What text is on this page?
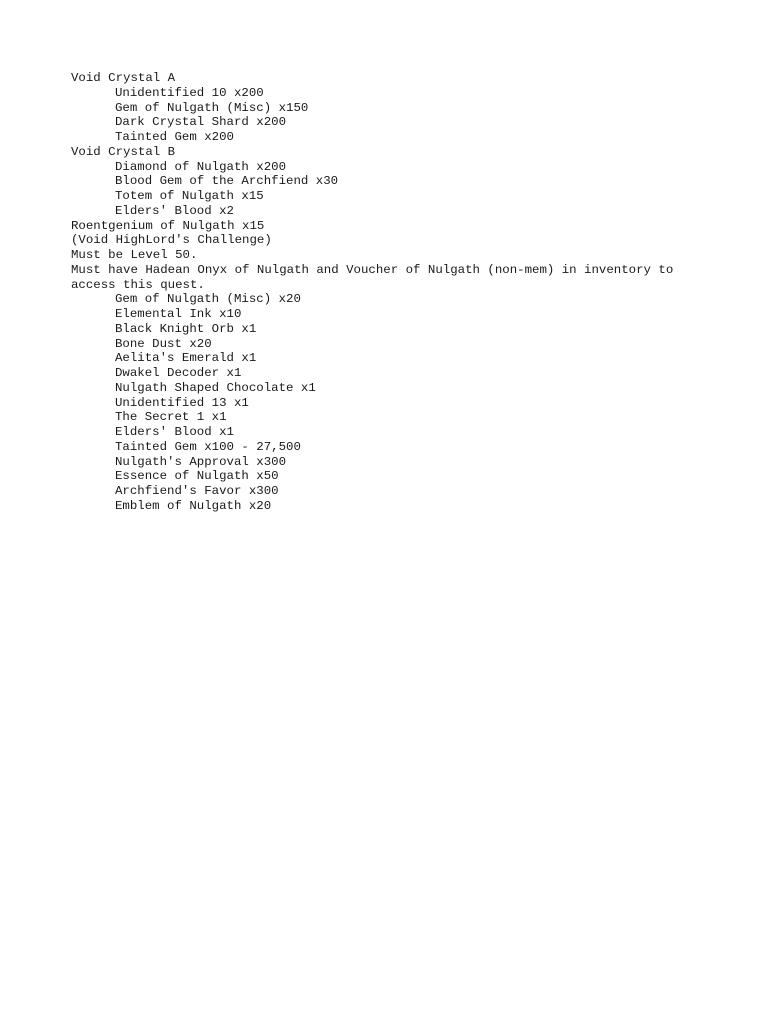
Void Crystal A
Unidentified 10 x200
Gem of Nulgath (Misc) x150
Dark Crystal Shard x200
Tainted Gem x200
Void Crystal B
Diamond of Nulgath x200
Blood Gem of the Archfiend x30
Totem of Nulgath x15
Elders' Blood x2
Roentgenium of Nulgath x15
(Void HighLord's Challenge)
Must be Level 50.
Must have Hadean Onyx of Nulgath and Voucher of Nulgath (non-mem) in inventory to
access this quest.
Gem of Nulgath (Misc) x20
Elemental Ink x10
Black Knight Orb x1
Bone Dust x20
Aelita's Emerald x1
Dwakel Decoder x1
Nulgath Shaped Chocolate x1
Unidentified 13 x1
The Secret 1 x1
Elders' Blood x1
Tainted Gem x100 - 27,500
Nulgath's Approval x300
Essence of Nulgath x50
Archfiend's Favor x300
Emblem of Nulgath x20
